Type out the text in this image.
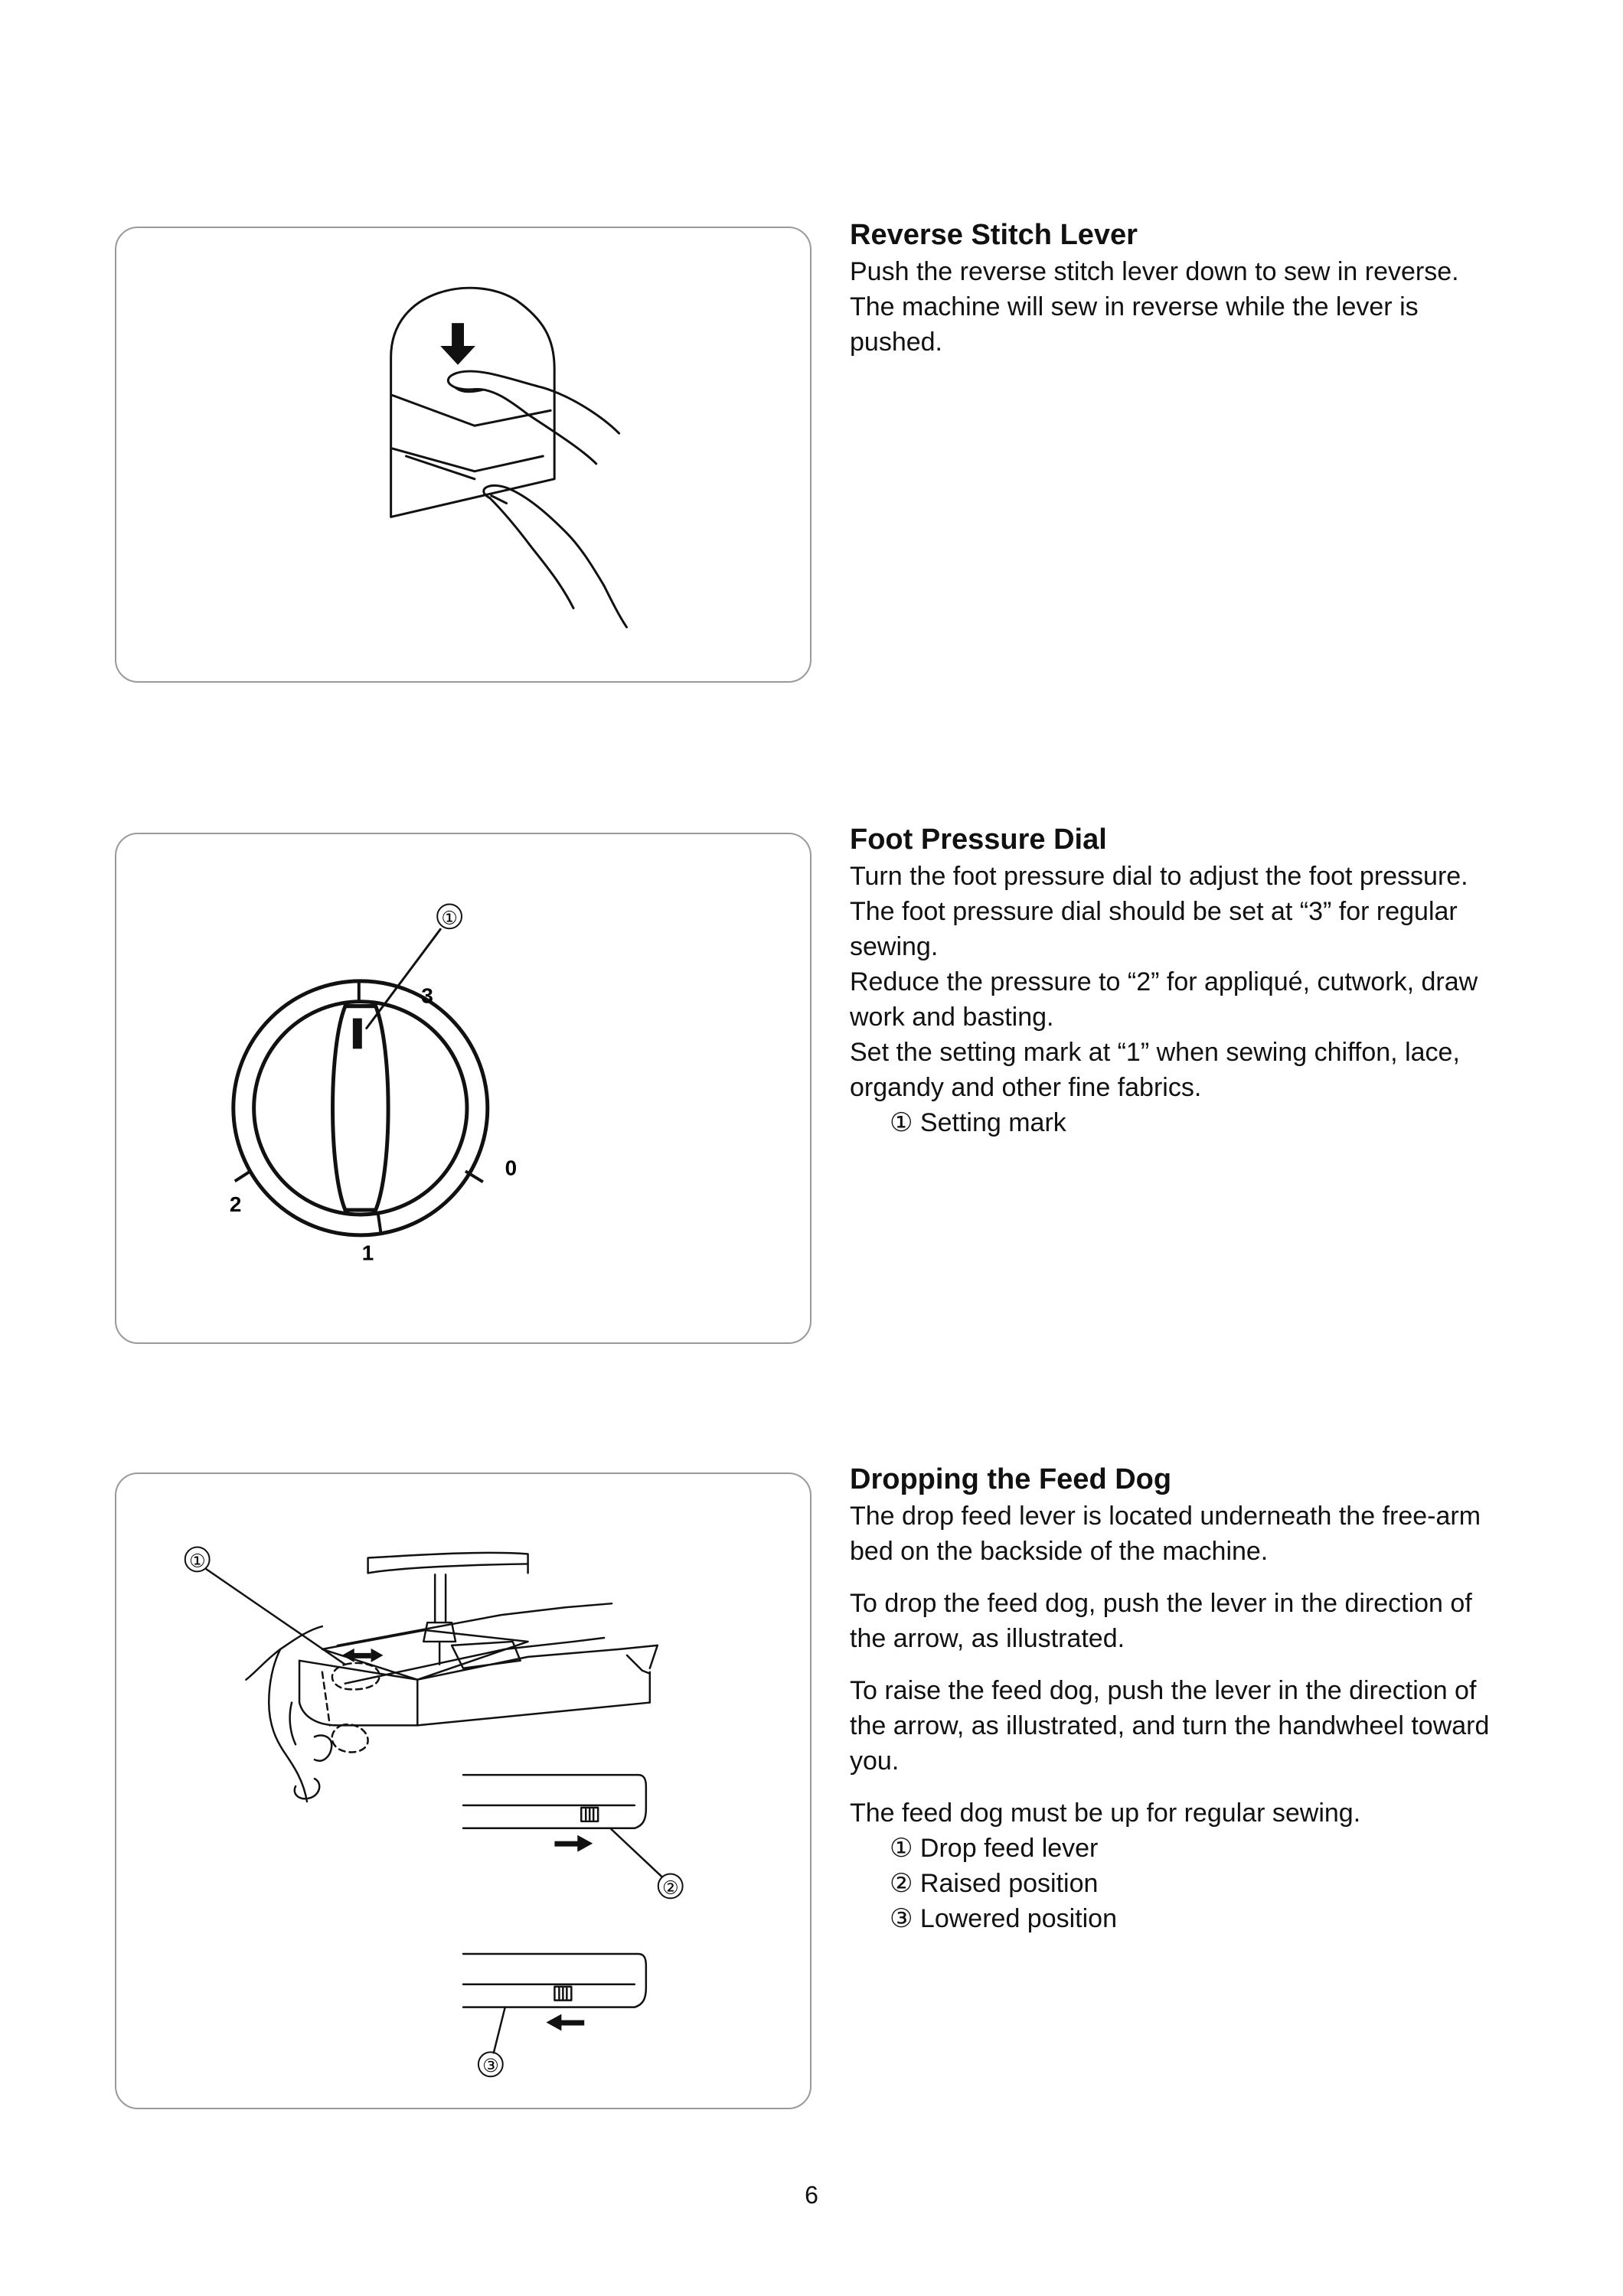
Reverse Stitch Lever

Push the reverse stitch lever down to sew in reverse.

The machine will sew in reverse while the lever is

pushed.

①
3
0
2
1

Foot Pressure Dial

Turn the foot pressure dial to adjust the foot pressure.

The foot pressure dial should be set at “3” for regular

sewing.

Reduce the pressure to “2” for appliqué, cutwork, draw

work and basting.

Set the setting mark at “1” when sewing chiffon, lace,

organdy and other fine fabrics.

① Setting mark

①
②
③

Dropping the Feed Dog

The drop feed lever is located underneath the free-arm

bed on the backside of the machine.

To drop the feed dog, push the lever in the direction of

the arrow, as illustrated.

To raise the feed dog, push the lever in the direction of

the arrow, as illustrated, and turn the handwheel toward

you.

The feed dog must be up for regular sewing.

① Drop feed lever

② Raised position

③ Lowered position

6
